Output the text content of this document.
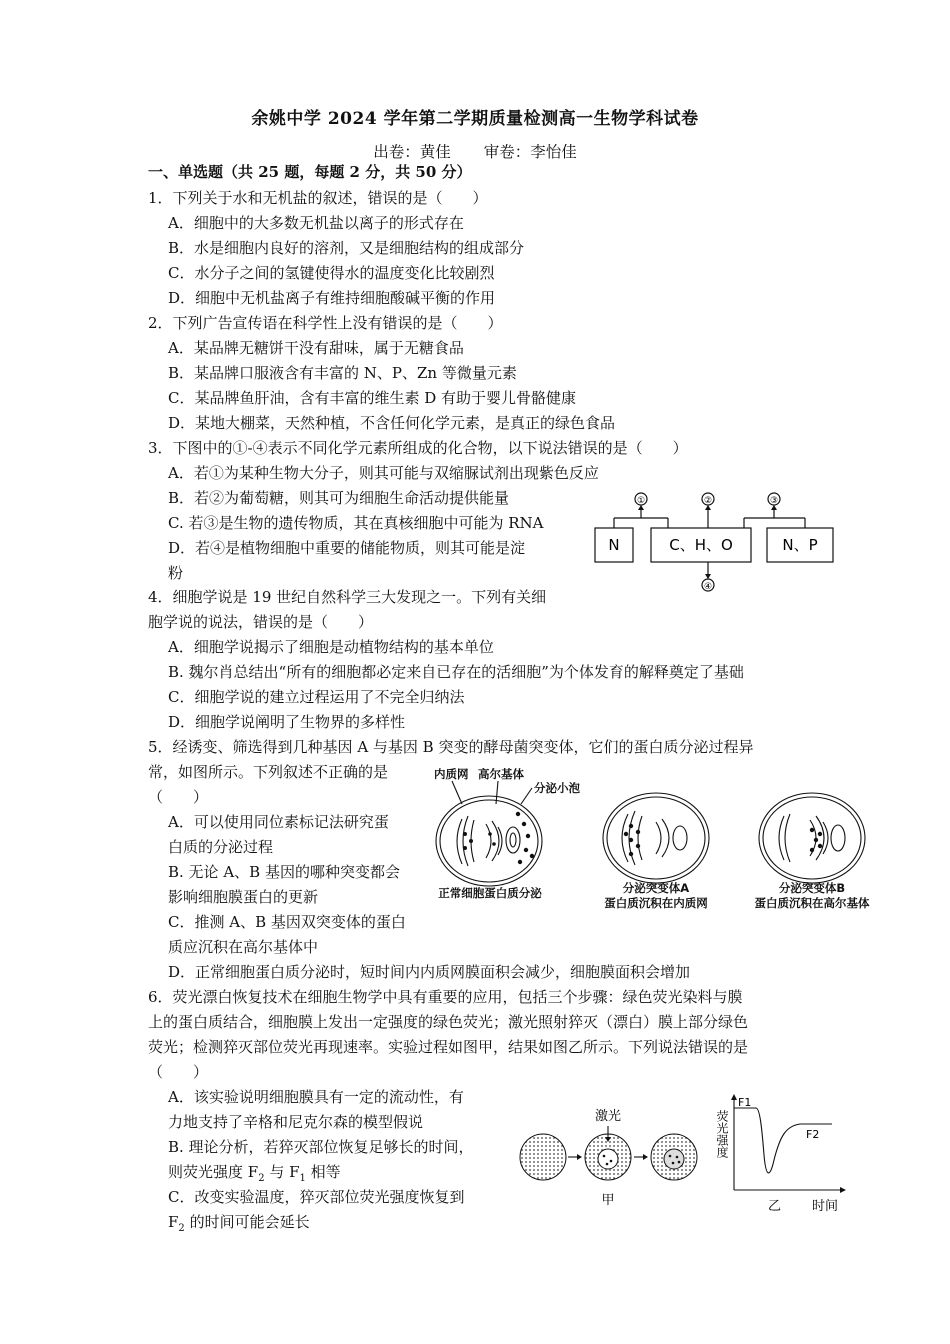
余姚中学 2024 学年第二学期质量检测高一生物学科试卷
出卷：黄佳 审卷：李怡佳
一、单选题（共 25 题，每题 2 分，共 50 分）
1．下列关于水和无机盐的叙述，错误的是（　　）
A．细胞中的大多数无机盐以离子的形式存在
B．水是细胞内良好的溶剂，又是细胞结构的组成部分
C．水分子之间的氢键使得水的温度变化比较剧烈
D．细胞中无机盐离子有维持细胞酸碱平衡的作用
2．下列广告宣传语在科学性上没有错误的是（　　）
A．某品牌无糖饼干没有甜味，属于无糖食品
B．某品牌口服液含有丰富的 N、P、Zn 等微量元素
C．某品牌鱼肝油，含有丰富的维生素 D 有助于婴儿骨骼健康
D．某地大棚菜，天然种植，不含任何化学元素，是真正的绿色食品
3．下图中的①-④表示不同化学元素所组成的化合物，以下说法错误的是（　　）
A．若①为某种生物大分子，则其可能与双缩脲试剂出现紫色反应
B．若②为葡萄糖，则其可为细胞生命活动提供能量
C. 若③是生物的遗传物质，其在真核细胞中可能为 RNA
D．若④是植物细胞中重要的储能物质，则其可能是淀
粉
N	C、H、O	N、P
①	②	③
④
4．细胞学说是 19 世纪自然科学三大发现之一。下列有关细
胞学说的说法，错误的是（　　）
A．细胞学说揭示了细胞是动植物结构的基本单位
B. 魏尔肖总结出“所有的细胞都必定来自已存在的活细胞”为个体发育的解释奠定了基础
C．细胞学说的建立过程运用了不完全归纳法
D．细胞学说阐明了生物界的多样性
5．经诱变、筛选得到几种基因 A 与基因 B 突变的酵母菌突变体，它们的蛋白质分泌过程异
常，如图所示。下列叙述不正确的是
（　　）
A．可以使用同位素标记法研究蛋
白质的分泌过程
B. 无论 A、B 基因的哪种突变都会
影响细胞膜蛋白的更新
C．推测 A、B 基因双突变体的蛋白
质应沉积在高尔基体中
D．正常细胞蛋白质分泌时，短时间内内质网膜面积会减少，细胞膜面积会增加
内质网 高尔基体
分泌小泡
正常细胞蛋白质分泌	分泌突变体A
蛋白质沉积在内质网
分泌突变体B
蛋白质沉积在高尔基体
6．荧光漂白恢复技术在细胞生物学中具有重要的应用，包括三个步骤：绿色荧光染料与膜
上的蛋白质结合，细胞膜上发出一定强度的绿色荧光；激光照射猝灭（漂白）膜上部分绿色
荧光；检测猝灭部位荧光再现速率。实验过程如图甲，结果如图乙所示。下列说法错误的是
（　　）
A．该实验说明细胞膜具有一定的流动性，有
力地支持了辛格和尼克尔森的模型假说
B. 理论分析，若猝灭部位恢复足够长的时间，
则荧光强度 $F_2$ 与 $F_1$ 相等
C．改变实验温度，猝灭部位荧光强度恢复到
$F_2$ 的时间可能会延长
激光
甲
F1
F2
荧光强度
乙 时间
